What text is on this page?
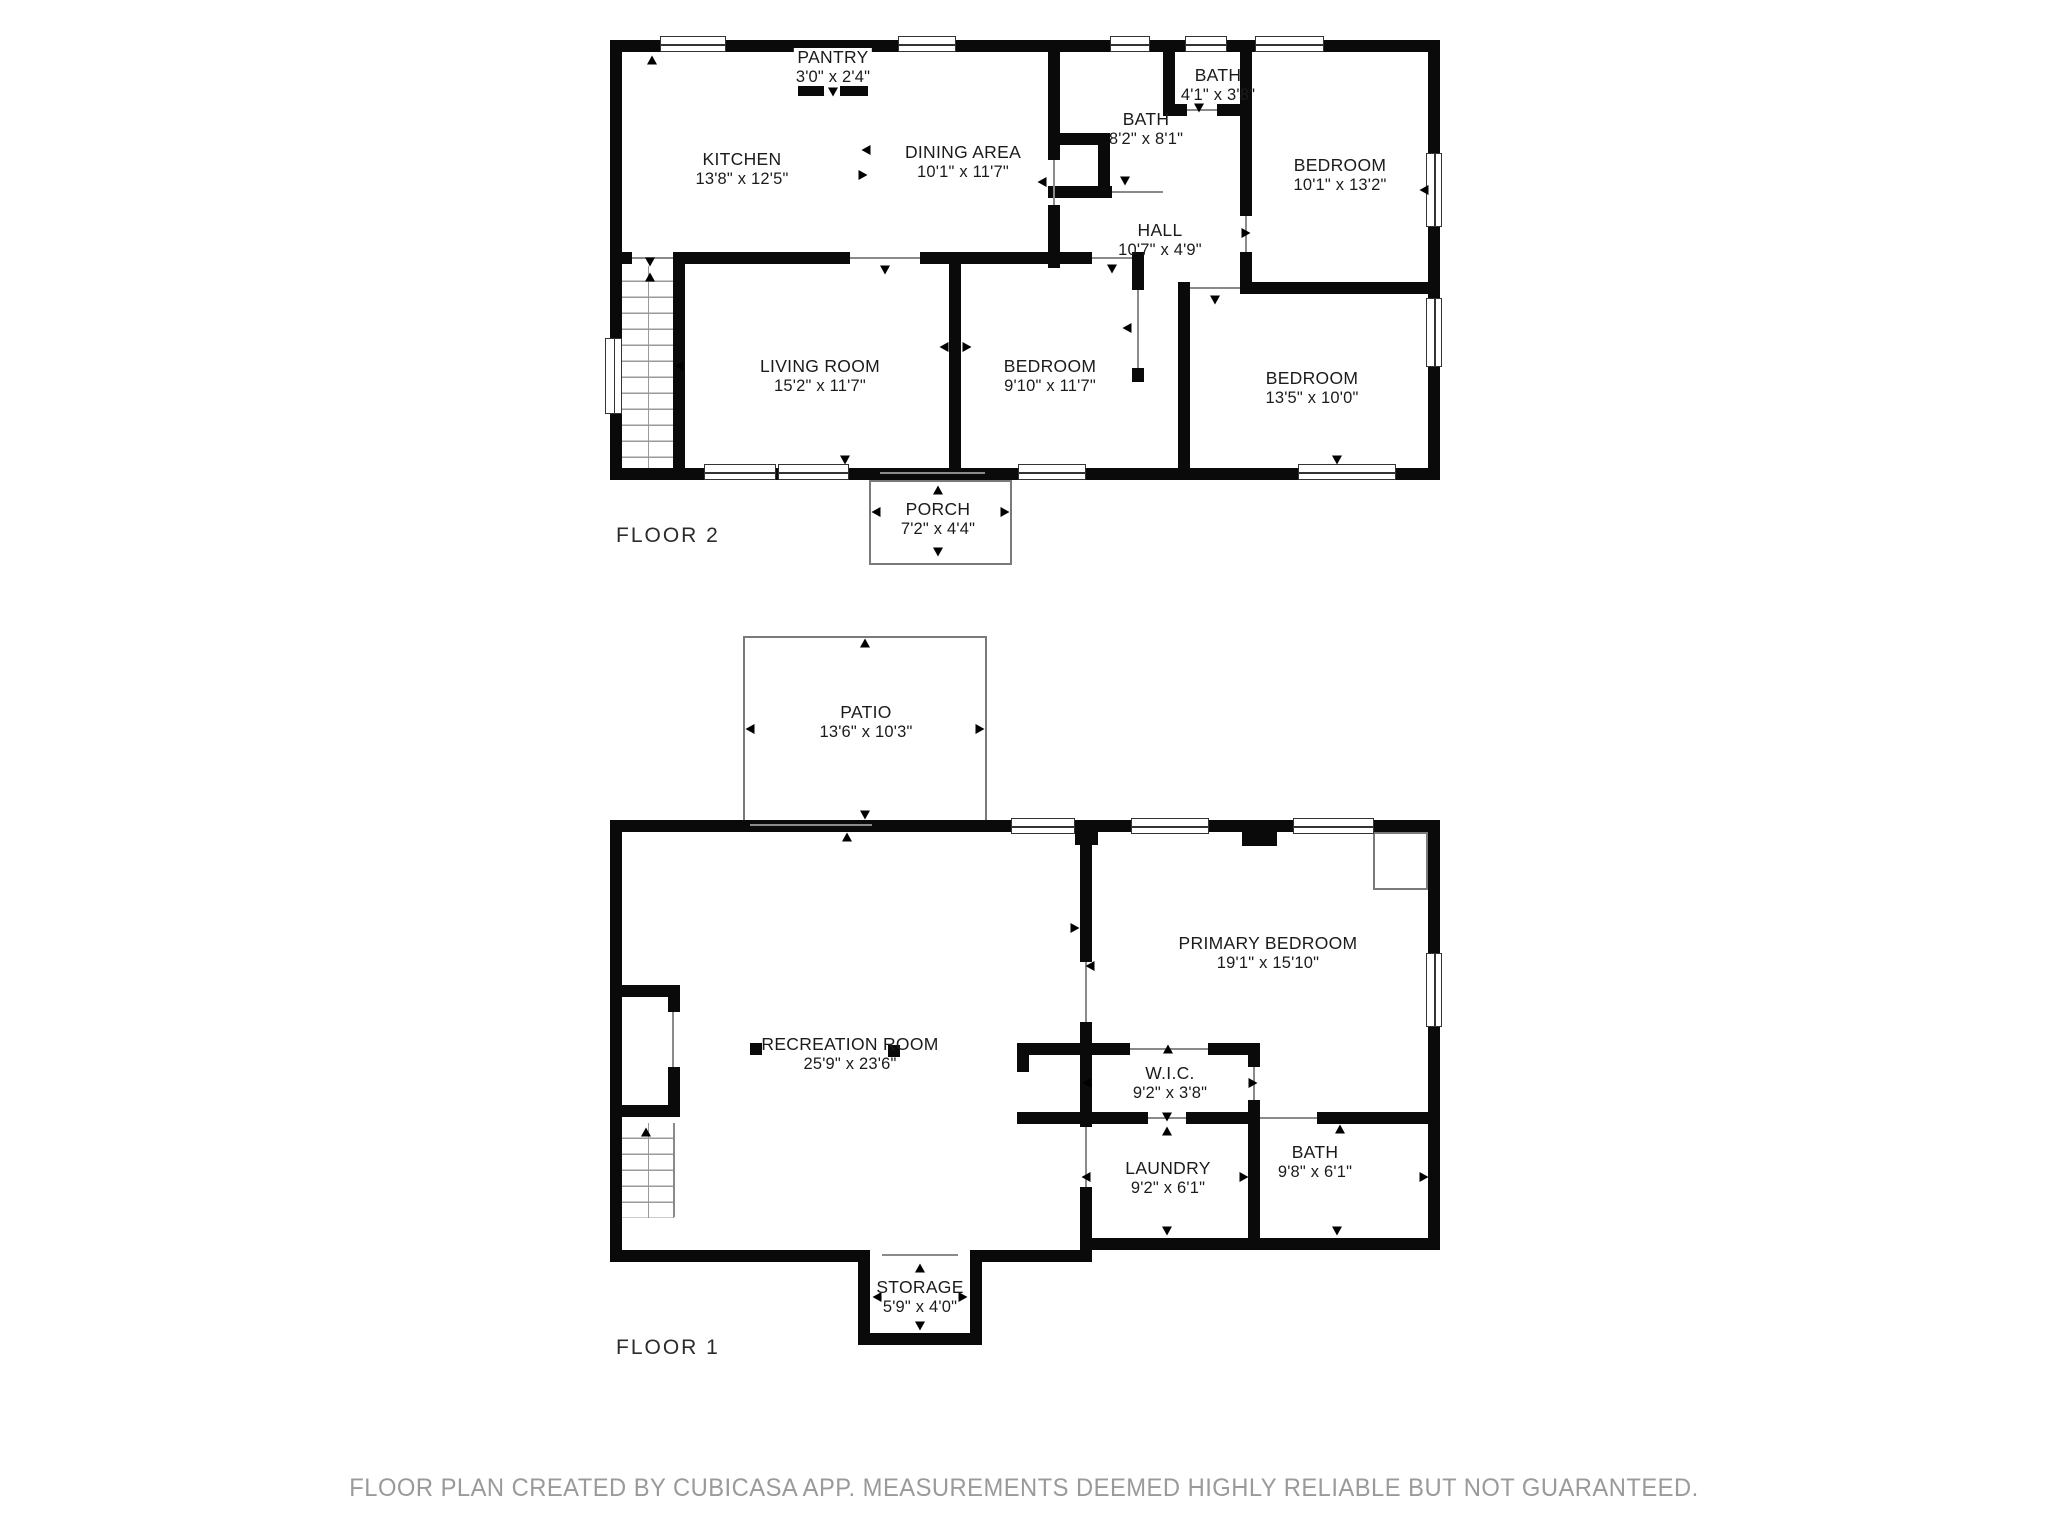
PANTRY
3'0" x 2'4"
KITCHEN
13'8" x 12'5"
DINING AREA
10'1" x 11'7"
BATH
4'1" x 3'8"
BATH
8'2" x 8'1"
BEDROOM
10'1" x 13'2"
HALL
10'7" x 4'9"
LIVING ROOM
15'2" x 11'7"
BEDROOM
9'10" x 11'7"	BEDROOM
13'5" x 10'0"
PORCH
7'2" x 4'4"
PATIO
13'6" x 10'3"
PRIMARY BEDROOM
19'1" x 15'10"
RECREATION ROOM
25'9" x 23'6"	W.I.C.
9'2" x 3'8"
LAUNDRY
9'2" x 6'1"
BATH
9'8" x 6'1"
STORAGE
5'9" x 4'0"
FLOOR 2
FLOOR 1
FLOOR PLAN CREATED BY CUBICASA APP. MEASUREMENTS DEEMED HIGHLY RELIABLE BUT NOT GUARANTEED.
